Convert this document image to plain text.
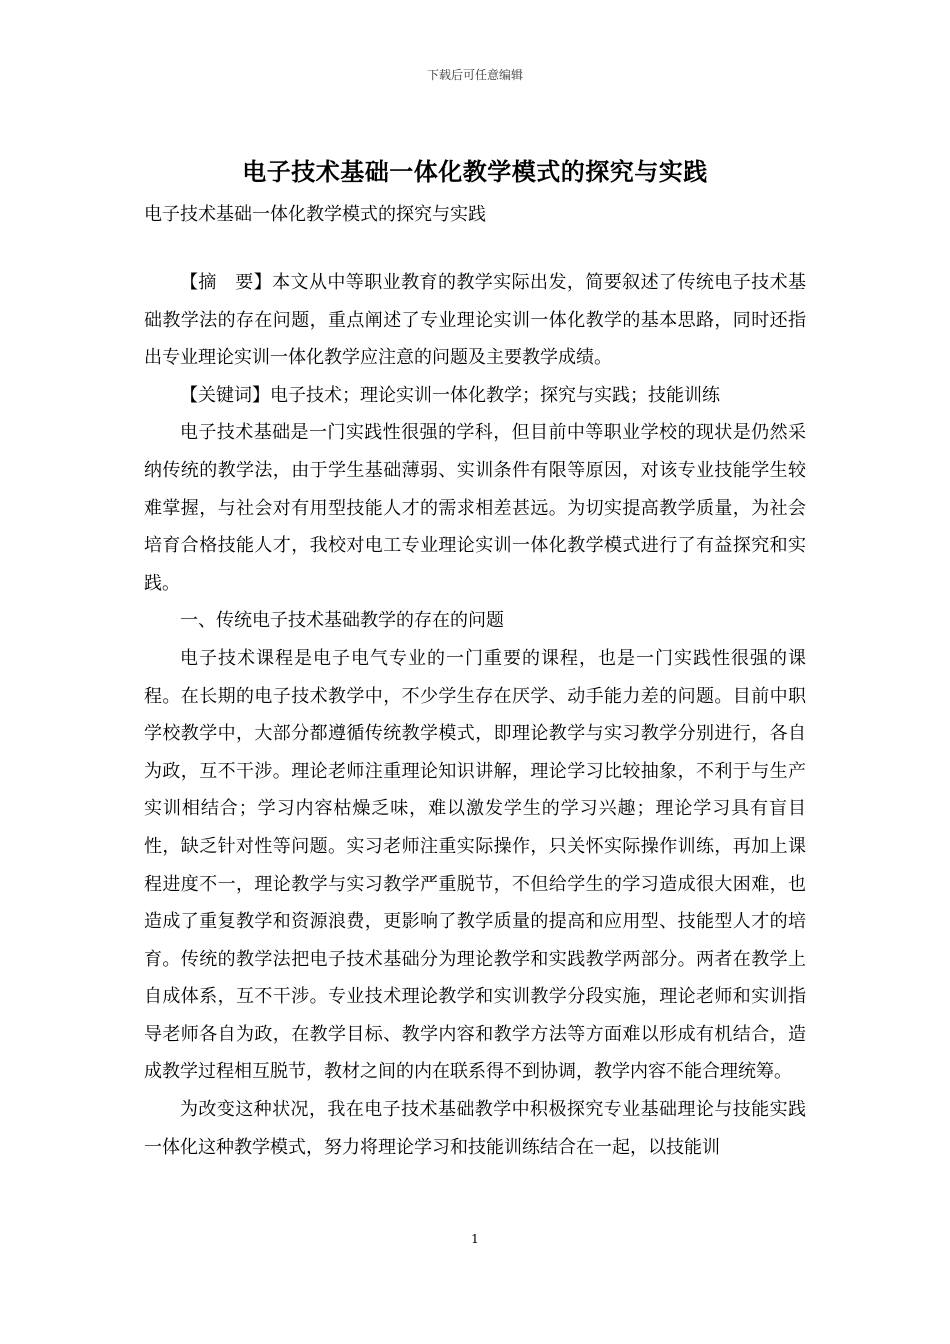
下载后可任意编辑
电子技术基础一体化教学模式的探究与实践
电子技术基础一体化教学模式的探究与实践

【摘　要】本文从中等职业教育的教学实际出发，简要叙述了传统电子技术基础教学法的存在问题，重点阐述了专业理论实训一体化教学的基本思路，同时还指出专业理论实训一体化教学应注意的问题及主要教学成绩。

【关键词】电子技术；理论实训一体化教学；探究与实践；技能训练

电子技术基础是一门实践性很强的学科，但目前中等职业学校的现状是仍然采纳传统的教学法，由于学生基础薄弱、实训条件有限等原因，对该专业技能学生较难掌握，与社会对有用型技能人才的需求相差甚远。为切实提高教学质量，为社会培育合格技能人才，我校对电工专业理论实训一体化教学模式进行了有益探究和实践。

一、传统电子技术基础教学的存在的问题

电子技术课程是电子电气专业的一门重要的课程，也是一门实践性很强的课程。在长期的电子技术教学中，不少学生存在厌学、动手能力差的问题。目前中职学校教学中，大部分都遵循传统教学模式，即理论教学与实习教学分别进行，各自为政，互不干涉。理论老师注重理论知识讲解，理论学习比较抽象，不利于与生产实训相结合；学习内容枯燥乏味，难以激发学生的学习兴趣；理论学习具有盲目性，缺乏针对性等问题。实习老师注重实际操作，只关怀实际操作训练，再加上课程进度不一，理论教学与实习教学严重脱节，不但给学生的学习造成很大困难，也造成了重复教学和资源浪费，更影响了教学质量的提高和应用型、技能型人才的培育。传统的教学法把电子技术基础分为理论教学和实践教学两部分。两者在教学上自成体系，互不干涉。专业技术理论教学和实训教学分段实施，理论老师和实训指导老师各自为政，在教学目标、教学内容和教学方法等方面难以形成有机结合，造成教学过程相互脱节，教材之间的内在联系得不到协调，教学内容不能合理统筹。

为改变这种状况，我在电子技术基础教学中积极探究专业基础理论与技能实践一体化这种教学模式，努力将理论学习和技能训练结合在一起，以技能训

1
